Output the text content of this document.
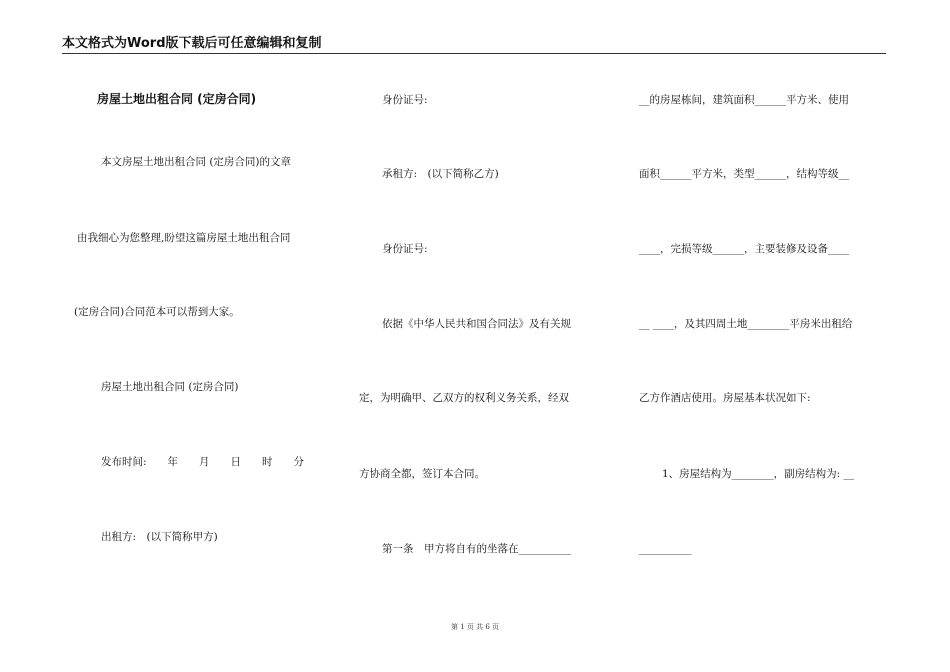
本文格式为Word版下载后可任意编辑和复制
房屋土地出租合同 (定房合同)
本文房屋土地出租合同 (定房合同)的文章
由我细心为您整理,盼望这篇房屋土地出租合同
(定房合同)合同范本可以帮到大家。
房屋土地出租合同 (定房合同)
发布时间:　　年　　月　　日　　时　　分
出租方:　(以下简称甲方)
身份证号:
承租方:　(以下简称乙方)
身份证号:
依据《中华人民共和国合同法》及有关规
定，为明确甲、乙双方的权利义务关系，经双
方协商全都，签订本合同。
第一条　甲方将自有的坐落在__________
__的房屋栋间，建筑面积______平方米、使用
面积______平方米，类型______，结构等级__
____，完损等级______，主要装修及设备____
__ ____，及其四周土地________平房米出租给
乙方作酒店使用。房屋基本状况如下:
1、房屋结构为________，副房结构为: __
__________
第 1 页 共 6 页
